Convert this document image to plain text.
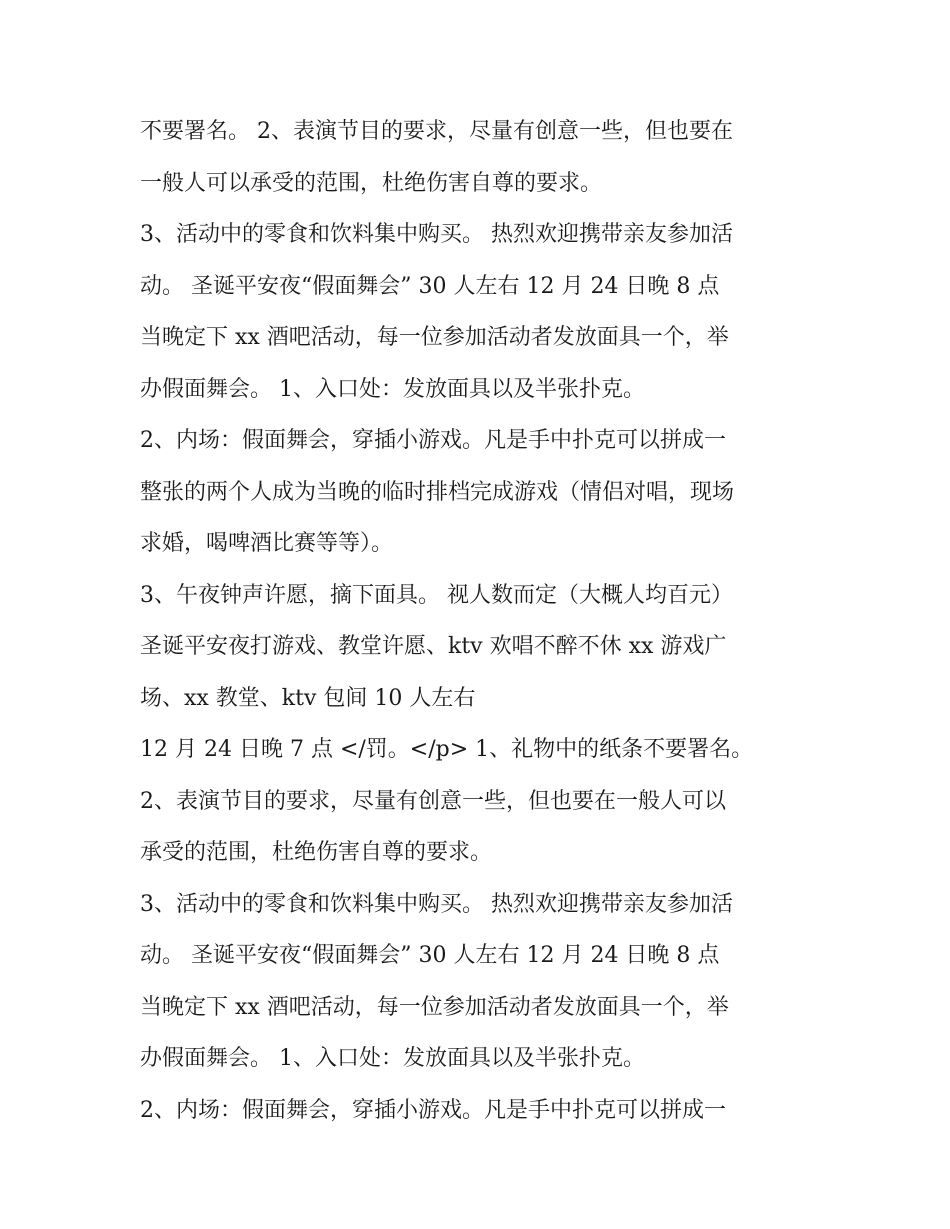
不要署名。 2、表演节目的要求，尽量有创意一些，但也要在
一般人可以承受的范围，杜绝伤害自尊的要求。
3、活动中的零食和饮料集中购买。 热烈欢迎携带亲友参加活
动。 圣诞平安夜“假面舞会” 30 人左右 12 月 24 日晚 8 点
当晚定下 xx 酒吧活动，每一位参加活动者发放面具一个，举
办假面舞会。 1、入口处：发放面具以及半张扑克。
2、内场：假面舞会，穿插小游戏。凡是手中扑克可以拼成一
整张的两个人成为当晚的临时排档完成游戏（情侣对唱，现场
求婚，喝啤酒比赛等等）。
3、午夜钟声许愿，摘下面具。 视人数而定（大概人均百元）
圣诞平安夜打游戏、教堂许愿、ktv 欢唱不醉不休 xx 游戏广
场、xx 教堂、ktv 包间 10 人左右
12 月 24 日晚 7 点 </罚。</p> 1、礼物中的纸条不要署名。
2、表演节目的要求，尽量有创意一些，但也要在一般人可以
承受的范围，杜绝伤害自尊的要求。
3、活动中的零食和饮料集中购买。 热烈欢迎携带亲友参加活
动。 圣诞平安夜“假面舞会” 30 人左右 12 月 24 日晚 8 点
当晚定下 xx 酒吧活动，每一位参加活动者发放面具一个，举
办假面舞会。 1、入口处：发放面具以及半张扑克。
2、内场：假面舞会，穿插小游戏。凡是手中扑克可以拼成一
